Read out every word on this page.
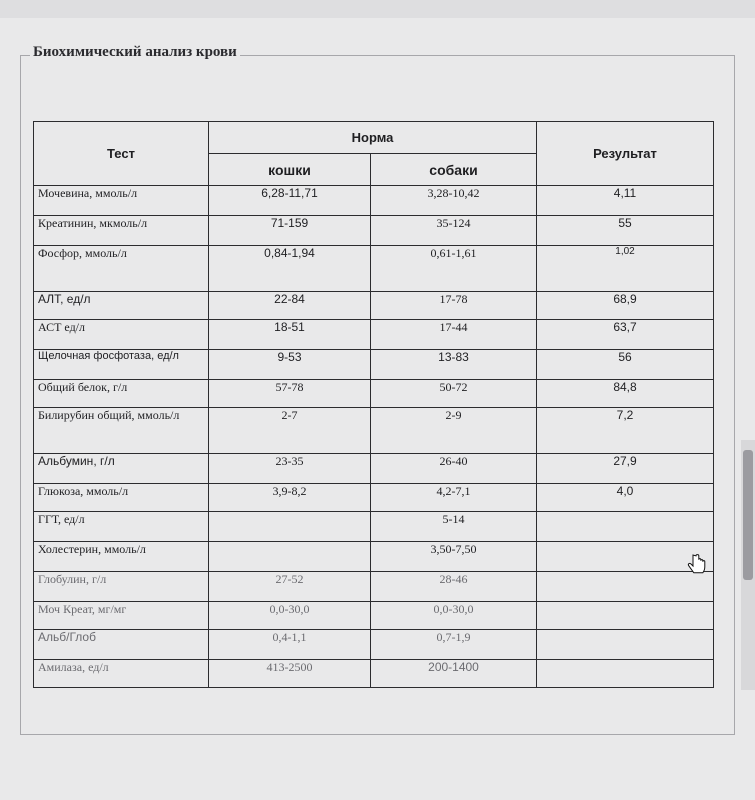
Биохимический анализ крови
Тест	Норма		Результат
	кошки	собаки	
Мочевина, ммоль/л	6,28-11,71	3,28-10,42	4,11
Креатинин, мкмоль/л	71-159	35-124	55
Фосфор, ммоль/л	0,84-1,94	0,61-1,61	1,02
АЛТ, ед/л	22-84	17-78	68,9
АСТ ед/л	18-51	17-44	63,7
Щелочная фосфотаза, ед/л	9-53	13-83	56
Общий белок, г/л	57-78	50-72	84,8
Билирубин общий, ммоль/л	2-7	2-9	7,2
Альбумин, г/л	23-35	26-40	27,9
Глюкоза, ммоль/л	3,9-8,2	4,2-7,1	4,0
ГГТ, ед/л		5-14	
Холестерин, ммоль/л		3,50-7,50	
Глобулин, г/л	27-52	28-46	
Моч Креат, мг/мг	0,0-30,0	0,0-30,0	
Альб/Глоб	0,4-1,1	0,7-1,9	
Амилаза, ед/л	413-2500	200-1400	
